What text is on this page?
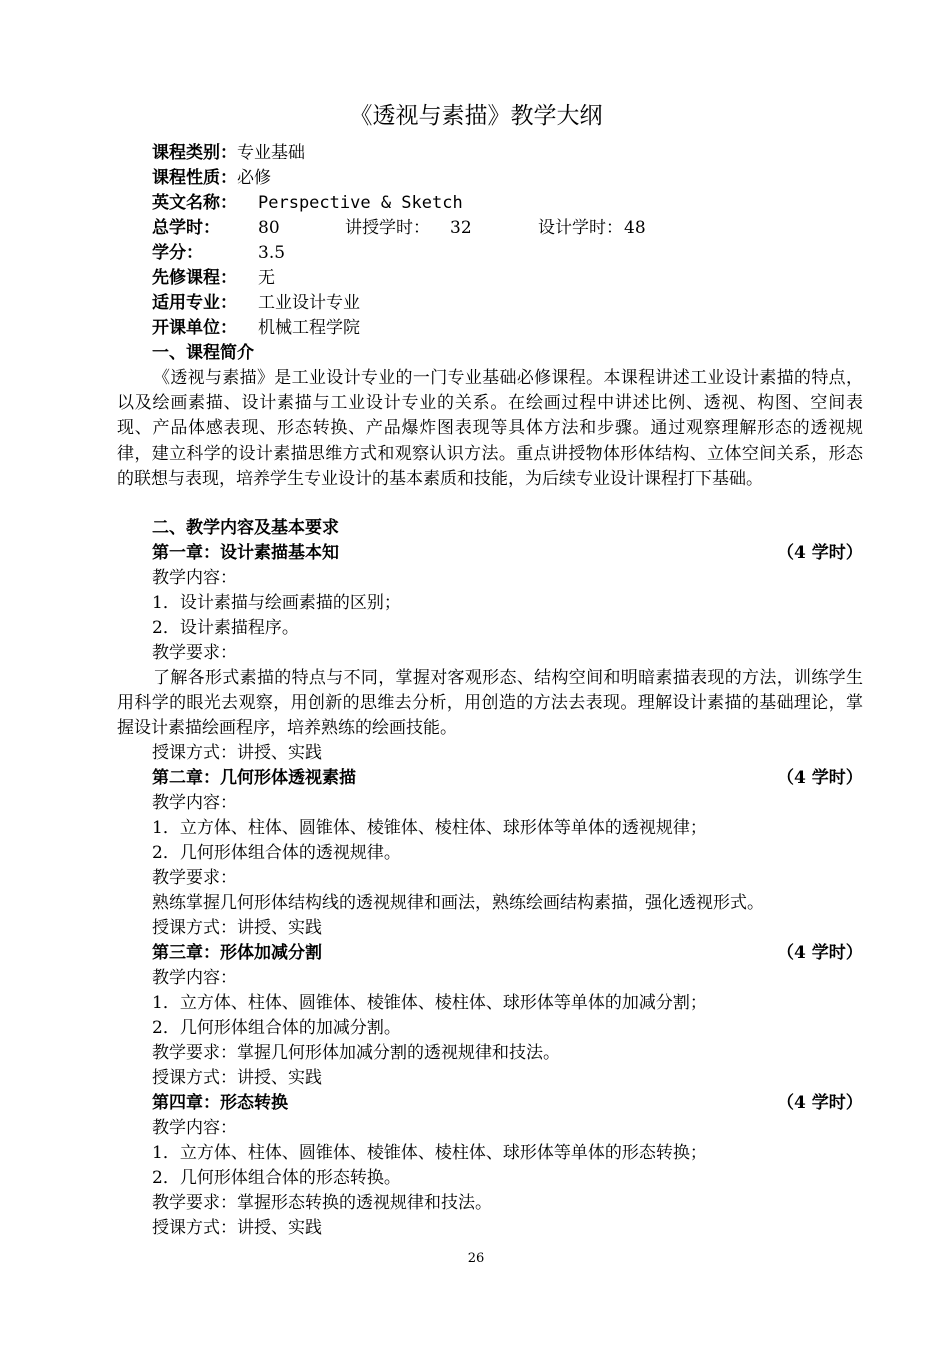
《透视与素描》教学大纲
课程类别：专业基础
课程性质：必修
英文名称： Perspective & Sketch
总学时： 80	讲授学时： 32	设计学时： 48
学分：	3.5
先修课程： 无
适用专业： 工业设计专业
开课单位： 机械工程学院
一、课程简介
《透视与素描》是工业设计专业的一门专业基础必修课程。本课程讲述工业设计素描的特点，以及绘画素描、设计素描与工业设计专业的关系。在绘画过程中讲述比例、透视、构图、空间表现、产品体感表现、形态转换、产品爆炸图表现等具体方法和步骤。通过观察理解形态的透视规律，建立科学的设计素描思维方式和观察认识方法。重点讲授物体形体结构、立体空间关系，形态的联想与表现，培养学生专业设计的基本素质和技能，为后续专业设计课程打下基础。
二、教学内容及基本要求
第一章：设计素描基本知	（4 学时）
教学内容：
1．设计素描与绘画素描的区别；
2．设计素描程序。
教学要求：
了解各形式素描的特点与不同，掌握对客观形态、结构空间和明暗素描表现的方法，训练学生用科学的眼光去观察，用创新的思维去分析，用创造的方法去表现。理解设计素描的基础理论，掌握设计素描绘画程序，培养熟练的绘画技能。
授课方式：讲授、实践
第二章：几何形体透视素描	（4 学时）
教学内容：
1．立方体、柱体、圆锥体、棱锥体、棱柱体、球形体等单体的透视规律；
2．几何形体组合体的透视规律。
教学要求：
熟练掌握几何形体结构线的透视规律和画法，熟练绘画结构素描，强化透视形式。
授课方式：讲授、实践
第三章：形体加减分割	（4 学时）
教学内容：
1．立方体、柱体、圆锥体、棱锥体、棱柱体、球形体等单体的加减分割；
2．几何形体组合体的加减分割。
教学要求：掌握几何形体加减分割的透视规律和技法。
授课方式：讲授、实践
第四章：形态转换	（4 学时）
教学内容：
1．立方体、柱体、圆锥体、棱锥体、棱柱体、球形体等单体的形态转换；
2．几何形体组合体的形态转换。
教学要求：掌握形态转换的透视规律和技法。
授课方式：讲授、实践
26
